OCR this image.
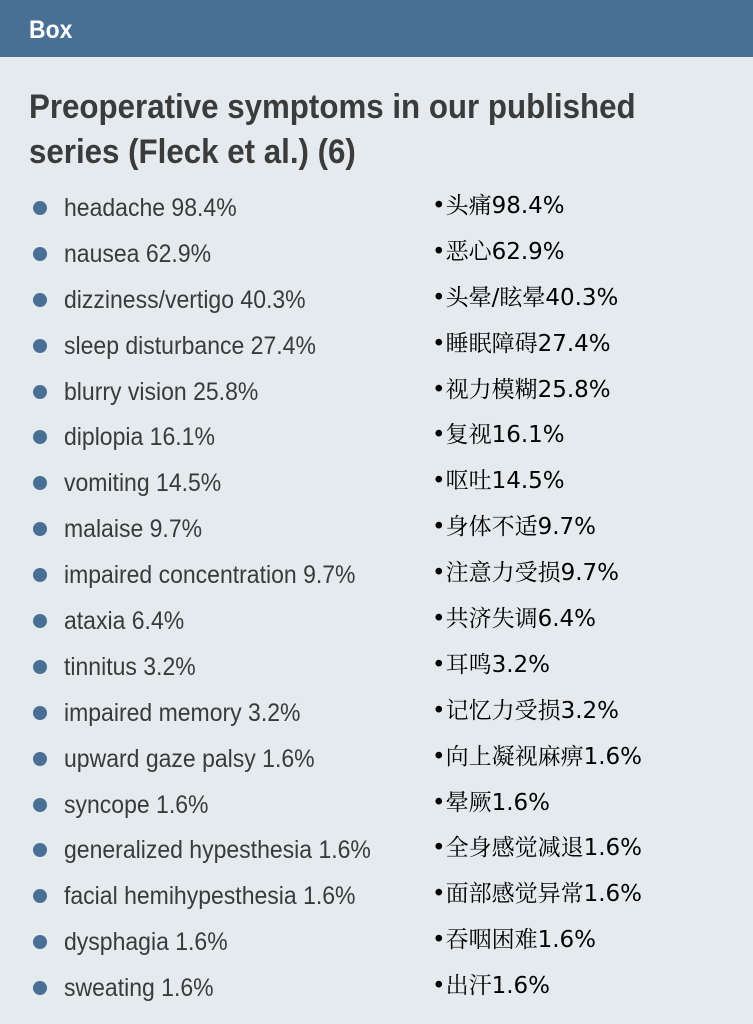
Box
Preoperative symptoms in our published series (Fleck et al.) (6)
headache 98.4%	•头痛98.4%
nausea 62.9%	•恶心62.9%
dizziness/vertigo 40.3%	•头晕/眩晕40.3%
sleep disturbance 27.4%	•睡眠障碍27.4%
blurry vision 25.8%	•视力模糊25.8%
diplopia 16.1%	•复视16.1%
vomiting 14.5%	•呕吐14.5%
malaise 9.7%	•身体不适9.7%
impaired concentration 9.7%	•注意力受损9.7%
ataxia 6.4%	•共济失调6.4%
tinnitus 3.2%	•耳鸣3.2%
impaired memory 3.2%	•记忆力受损3.2%
upward gaze palsy 1.6%	•向上凝视麻痹1.6%
syncope 1.6%	•晕厥1.6%
generalized hypesthesia 1.6%	•全身感觉减退1.6%
facial hemihypesthesia 1.6%	•面部感觉异常1.6%
dysphagia 1.6%	•吞咽困难1.6%
sweating 1.6%	•出汗1.6%
